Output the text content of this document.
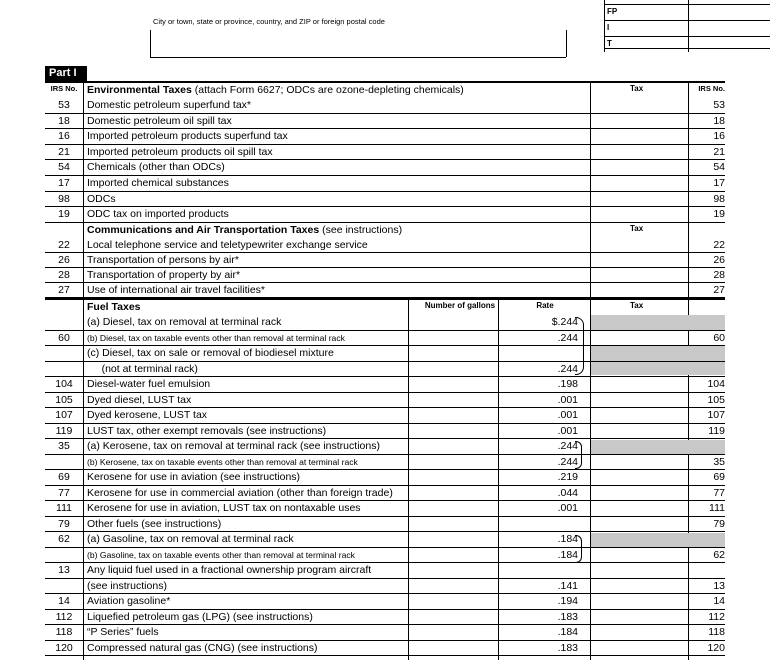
City or town, state or province, country, and ZIP or foreign postal code
FP
I
T
Part I
IRS No. Environmental Taxes (attach Form 6627; ODCs are ozone-depleting chemicals)	Tax	IRS No.
53	Domestic petroleum superfund tax*	53
18	Domestic petroleum oil spill tax	18
16	Imported petroleum products superfund tax	16
21	Imported petroleum products oil spill tax	21
54	Chemicals (other than ODCs)	54
17	Imported chemical substances	17
98	ODCs	98
19	ODC tax on imported products	19
Communications and Air Transportation Taxes (see instructions)	Tax
22	Local telephone service and teletypewriter exchange service	22
26	Transportation of persons by air*	26
28	Transportation of property by air*	28
27	Use of international air travel facilities*	27
Fuel Taxes	Number of gallons	Rate	Tax
(a) Diesel, tax on removal at terminal rack	$.244
60	(b) Diesel, tax on taxable events other than removal at terminal rack	.244	60
(c) Diesel, tax on sale or removal of biodiesel mixture
(not at terminal rack)	.244
104	Diesel-water fuel emulsion	.198	104
105	Dyed diesel, LUST tax	.001	105
107	Dyed kerosene, LUST tax	.001	107
119	LUST tax, other exempt removals (see instructions)	.001	119
35	(a) Kerosene, tax on removal at terminal rack (see instructions)	.244
(b) Kerosene, tax on taxable events other than removal at terminal rack	.244	35
69	Kerosene for use in aviation (see instructions)	.219	69
77	Kerosene for use in commercial aviation (other than foreign trade)	.044	77
111	Kerosene for use in aviation, LUST tax on nontaxable uses	.001	111
79	Other fuels (see instructions)	79
62	(a) Gasoline, tax on removal at terminal rack	.184
(b) Gasoline, tax on taxable events other than removal at terminal rack	.184	62
13	Any liquid fuel used in a fractional ownership program aircraft
(see instructions)	.141	13
14	Aviation gasoline*	.194	14
112	Liquefied petroleum gas (LPG) (see instructions)	.183	112
118	“P Series” fuels	.184	118
120	Compressed natural gas (CNG) (see instructions)	.183	120
